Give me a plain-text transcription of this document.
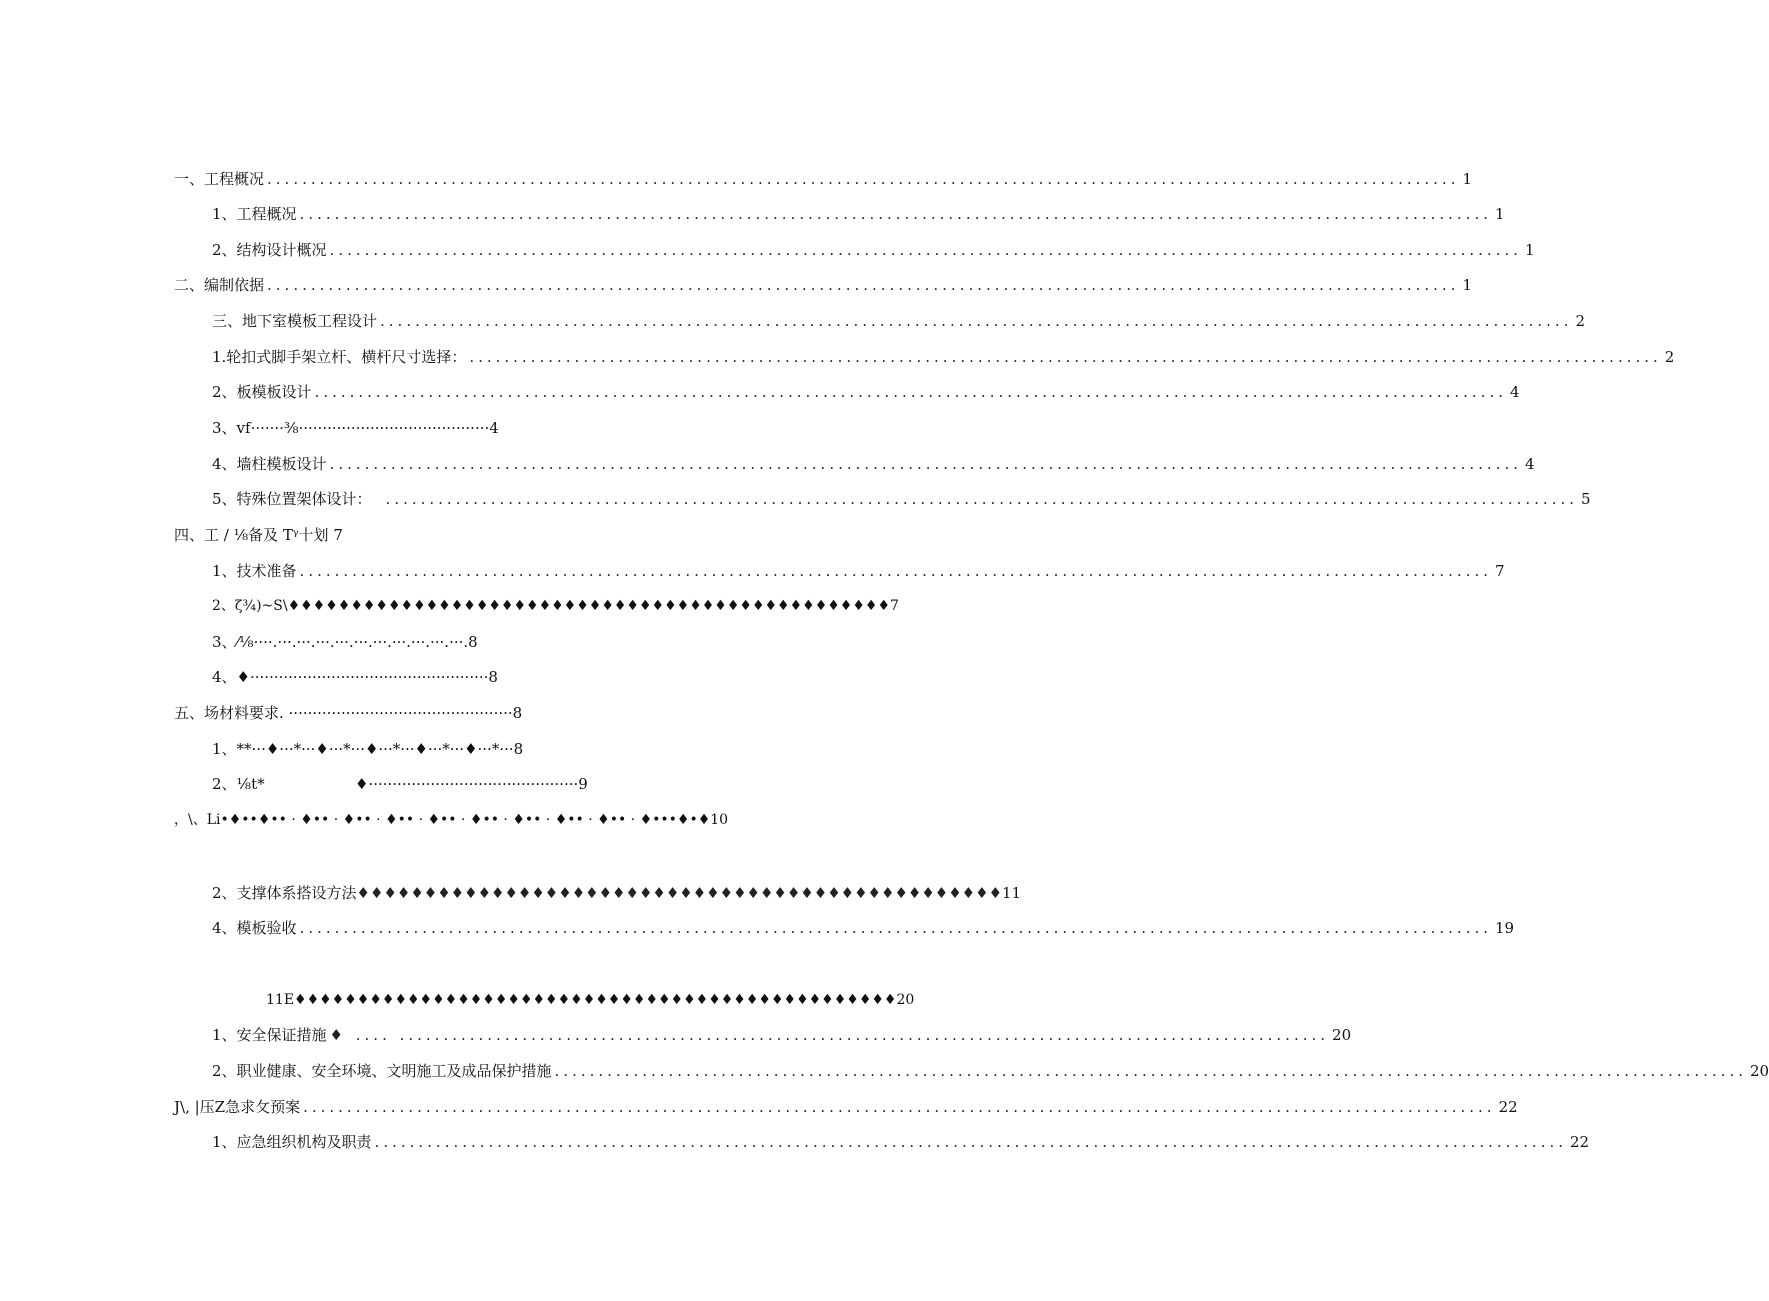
一、工程概况 ........................................................................................................................................ 1
1、工程概况 ........................................................................................................................................ 1
2、结构设计概况 ........................................................................................................................................ 1
二、编制依据 ........................................................................................................................................ 1
三、地下室模板工程设计 ........................................................................................................................................ 2
1.轮扣式脚手架立杆、横杆尺寸选择： ........................................................................................................................................ 2
2、板模板设计 ........................................................................................................................................ 4
3、vf·······⅜········································4
4、墙柱模板设计 ........................................................................................................................................ 4
5、特殊位置架体设计： ........................................................................................................................................ 5
四、工 / ⅛备及 Tᵞ十划 7
1、技术准备 ........................................................................................................................................ 7
2、ζ¾)~S\♦♦♦♦♦♦♦♦♦♦♦♦♦♦♦♦♦♦♦♦♦♦♦♦♦♦♦♦♦♦♦♦♦♦♦♦♦♦♦♦♦♦♦♦♦♦♦♦7
3、⁄⅛····.···.···.···.···.···.···.···.···.···.···.8
4、♦··················································8
五、场材料要求. ···············································8
1、**···♦···*···♦···*···♦···*···♦···*···♦···*···8
2、⅛t*	♦············································9
，\、Li•♦••♦•• · ♦•• · ♦•• · ♦•• · ♦•• · ♦•• · ♦•• · ♦•• · ♦•• · ♦•••♦•♦10
2、支撑体系搭设方法 ♦♦♦♦♦♦♦♦♦♦♦♦♦♦♦♦♦♦♦♦♦♦♦♦♦♦♦♦♦♦♦♦♦♦♦♦♦♦♦♦♦♦♦♦♦♦♦♦ 11
4、模板验收 ........................................................................................................................................ 19
11E♦♦♦♦♦♦♦♦♦♦♦♦♦♦♦♦♦♦♦♦♦♦♦♦♦♦♦♦♦♦♦♦♦♦♦♦♦♦♦♦♦♦♦♦♦♦♦♦20
1、安全保证措施 ♦ .... .......................................................................................................... 20
2、职业健康、安全环境、文明施工及成品保护措施 ........................................................................................................................................ 20
J\, |压Z急求攵预案 ........................................................................................................................................ 22
1、应急组织机构及职责 ........................................................................................................................................ 22
